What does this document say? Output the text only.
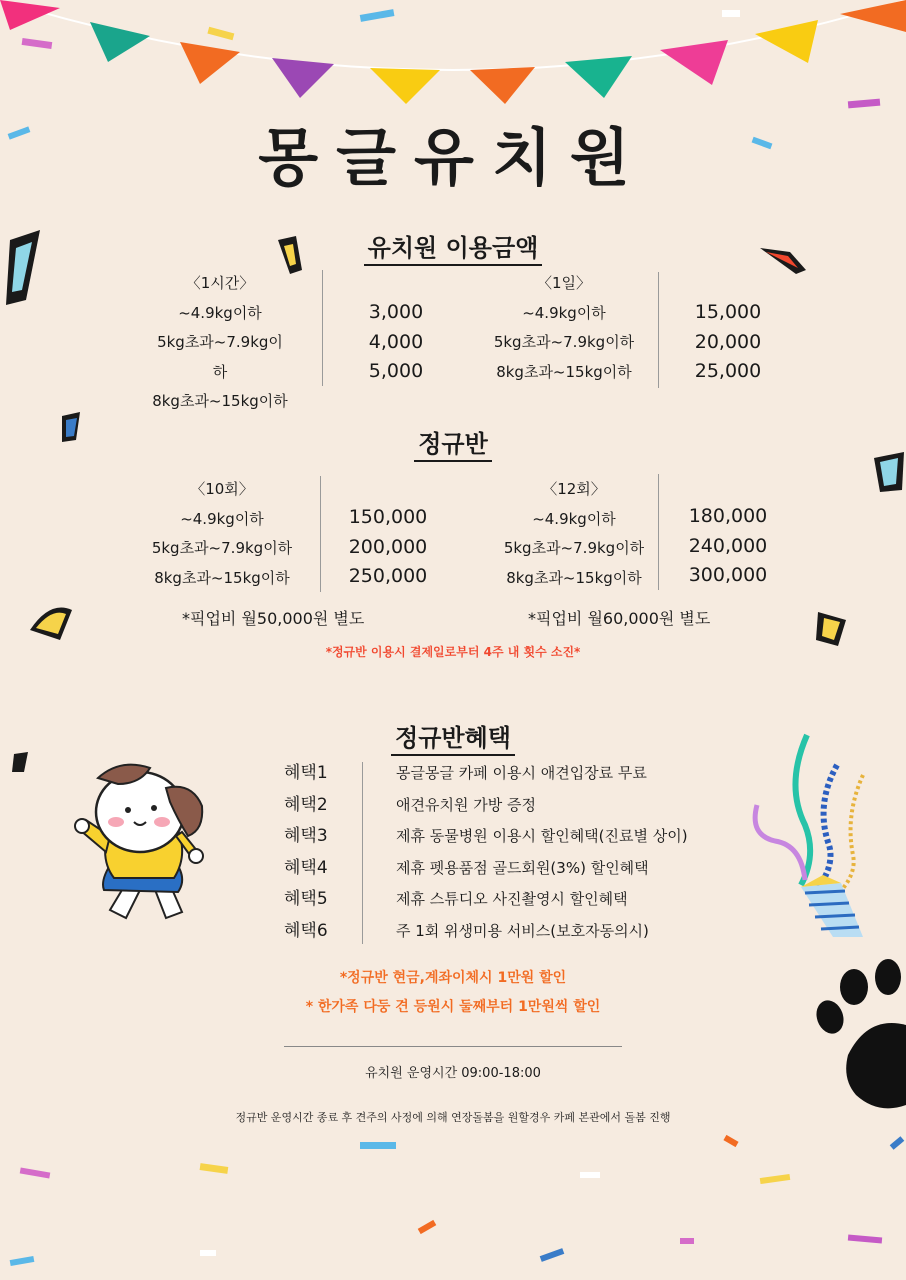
몽글유치원
유치원 이용금액
〈1시간〉
~4.9kg이하
5kg초과~7.9kg이하
8kg초과~15kg이하
3,000
4,000
5,000
〈1일〉
~4.9kg이하
5kg초과~7.9kg이하
8kg초과~15kg이하
15,000
20,000
25,000
정규반
〈10회〉
~4.9kg이하
5kg초과~7.9kg이하
8kg초과~15kg이하
150,000
200,000
250,000
〈12회〉
~4.9kg이하
5kg초과~7.9kg이하
8kg초과~15kg이하
180,000
240,000
300,000
*픽업비 월50,000원 별도	*픽업비 월60,000원 별도
*정규반 이용시 결제일로부터 4주 내 횟수 소진*
정규반혜택
혜택1
혜택2
혜택3
혜택4
혜택5
혜택6
몽글몽글 카페 이용시 애견입장료 무료
애견유치원 가방 증정
제휴 동물병원 이용시 할인혜택(진료별 상이)
제휴 펫용품점 골드회원(3%) 할인혜택
제휴 스튜디오 사진촬영시 할인혜택
주 1회 위생미용 서비스(보호자동의시)
*정규반 현금,계좌이체시 1만원 할인
* 한가족 다둥 견 등원시 둘째부터 1만원씩 할인
유치원 운영시간 09:00-18:00
정규반 운영시간 종료 후 견주의 사정에 의해 연장돌봄을 원할경우 카페 본관에서 돌봄 진행
